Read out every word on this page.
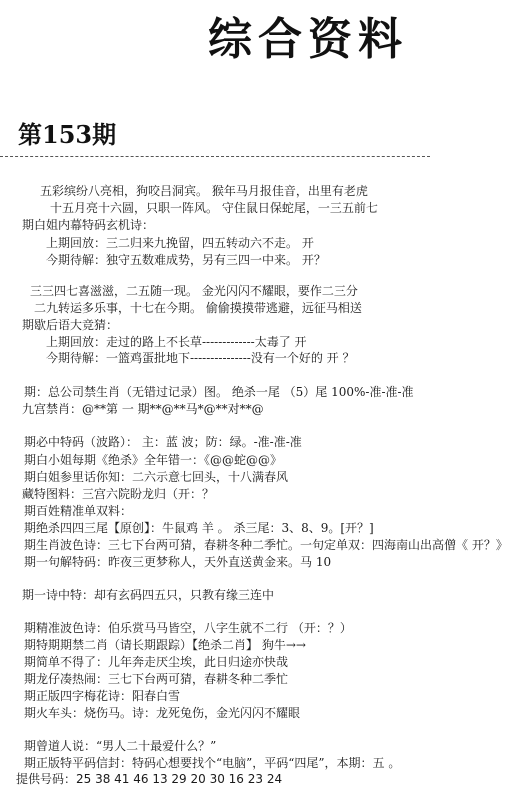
综合资料
第153期
五彩缤纷八亮相，狗咬吕洞宾。 猴年马月报佳音，出里有老虎
十五月亮十六圆，只职一阵风。 守住鼠日保蛇尾，一三五前七
期白姐内幕特码玄机诗：
上期回放：三二归来九挽留，四五转动六不走。 开
今期待解：独守五数难成势，另有三四一中来。 开？
三三四七喜滋滋，二五随一现。 金光闪闪不耀眼，要作二三分
二九转运多乐事，十七在今期。 偷偷摸摸带逃避，远征马相送
期歇后语大竞猜：
上期回放：走过的路上不长草-------------太毒了 开
今期待解：一篮鸡蛋批地下---------------没有一个好的 开 ？
期：总公司禁生肖（无错过记录）图。 绝杀一尾 （5）尾 100%-准-准-准
九宫禁肖：@**第 一 期**@**马*@**对**@
期必中特码（波路）： 主：蓝 波；防：绿。-准-准-准
期白小姐每期《绝杀》全年错一：《@@蛇@@》
期白姐参里话你知：二六示意七回头，十八满春风
藏特图料：三宫六院盼龙归（开：？
期百姓精准单双料：
期绝杀四四三尾【原创】：牛鼠鸡 羊 。 杀三尾：3、8、9。[开？]
期生肖波色诗：三七下台两可猜，春耕冬种二季忙。一句定单双：四海南山出高僧《 开？》
期一句解特码：昨夜三更梦称人，天外直送黄金来。马 10
期一诗中特：却有玄码四五只，只教有缘三连中
期精准波色诗：伯乐赏马马皆空，八字生就不二行 （开：？）
期特期期禁二肖（请长期跟踪）【绝杀二肖】 狗牛→→
期简单不得了：儿年奔走厌尘埃，此日归途亦快哉
期龙仔凑热闹：三七下台两可猜，春耕冬种二季忙
期正版四字梅花诗：阳春白雪
期火车头：烧伤马。诗：龙死兔伤，金光闪闪不耀眼
期曾道人说：“男人二十最爱什么？”
期正版特平码信封：特码心想要找个“电脑”，平码“四尾”，本期：五 。
提供号码：25 38 41 46 13 29 20 30 16 23 24
